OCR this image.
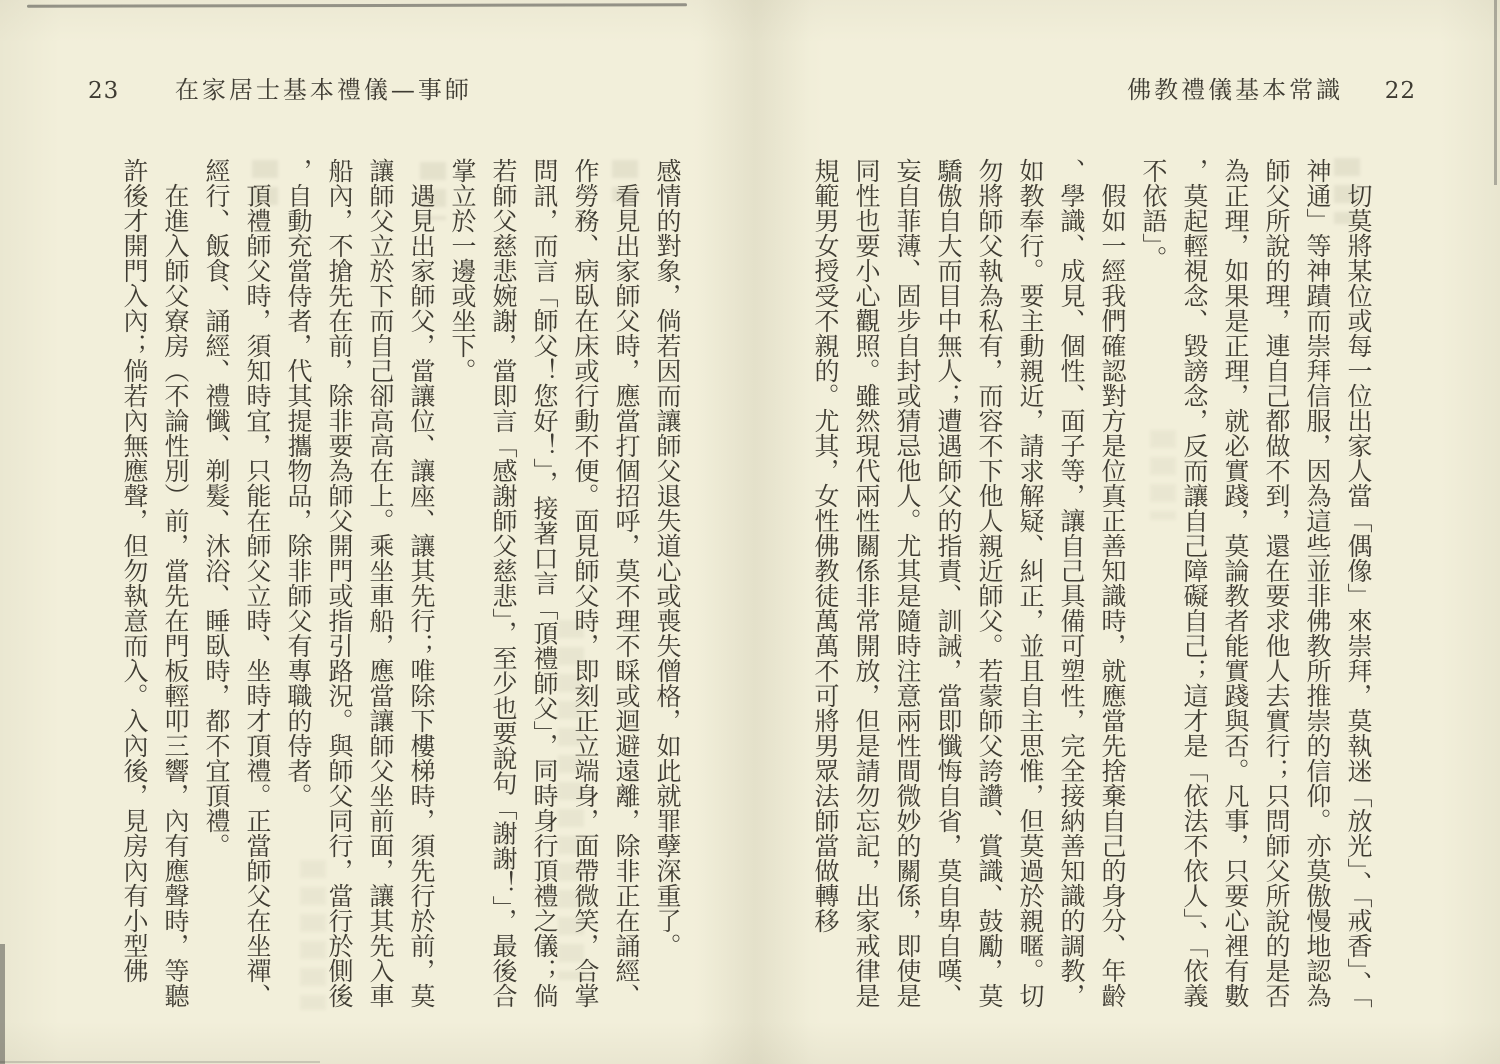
23 在家居士基本禮儀—事師	佛教禮儀基本常識 22

感情的對象，倘若因而讓師父退失道心或喪失僧格，如此就罪孽深重了。

看見出家師父時，應當打個招呼，莫不理不睬或迴避遠離，除非正在誦經、作勞務、病臥在床或行動不便。面見師父時，即刻正立端身，面帶微笑，合掌問訊，而言「師父！您好！」，接著口言「頂禮師父」，同時身行頂禮之儀；倘若師父慈悲婉謝，當即言「感謝師父慈悲」，至少也要說句「謝謝！」，最後合掌立於一邊或坐下。

遇見出家師父，當讓位、讓座、讓其先行；唯除下樓梯時，須先行於前，莫讓師父立於下而自己卻高高在上。乘坐車船，應當讓師父坐前面，讓其先入車船內，不搶先在前，除非要為師父開門或指引路況。與師父同行，當行於側後，自動充當侍者，代其提攜物品，除非師父有專職的侍者。

頂禮師父時，須知時宜，只能在師父立時、坐時才頂禮。正當師父在坐禪、經行、飯食、誦經、禮懺、剃髮、沐浴、睡臥時，都不宜頂禮。

在進入師父寮房（不論性別）前，當先在門板輕叩三響，內有應聲時，等聽許後才開門入內；倘若內無應聲，但勿執意而入。入內後，見房內有小型佛	切莫將某位或每一位出家人當「偶像」來崇拜，莫執迷「放光」、「戒香」、「神通」等神蹟而崇拜信服，因為這些並非佛教所推崇的信仰。亦莫傲慢地認為師父所說的理，連自己都做不到，還在要求他人去實行；只問師父所說的是否為正理，如果是正理，就必實踐，莫論教者能實踐與否。凡事，只要心裡有數，莫起輕視念、毀謗念，反而讓自己障礙自己；這才是「依法不依人」、「依義不依語」。

假如一經我們確認對方是位真正善知識時，就應當先捨棄自己的身分、年齡、學識、成見、個性、面子等，讓自己具備可塑性，完全接納善知識的調教，如教奉行。要主動親近，請求解疑、糾正，並且自主思惟，但莫過於親暱。切勿將師父執為私有，而容不下他人親近師父。若蒙師父誇讚、賞識、鼓勵，莫驕傲自大而目中無人；遭遇師父的指責、訓誡，當即懺悔自省，莫自卑自嘆、妄自菲薄、固步自封或猜忌他人。尤其是隨時注意兩性間微妙的關係，即使是同性也要小心觀照。雖然現代兩性關係非常開放，但是請勿忘記，出家戒律是規範男女授受不親的。尤其，女性佛教徒萬萬不可將男眾法師當做轉移
